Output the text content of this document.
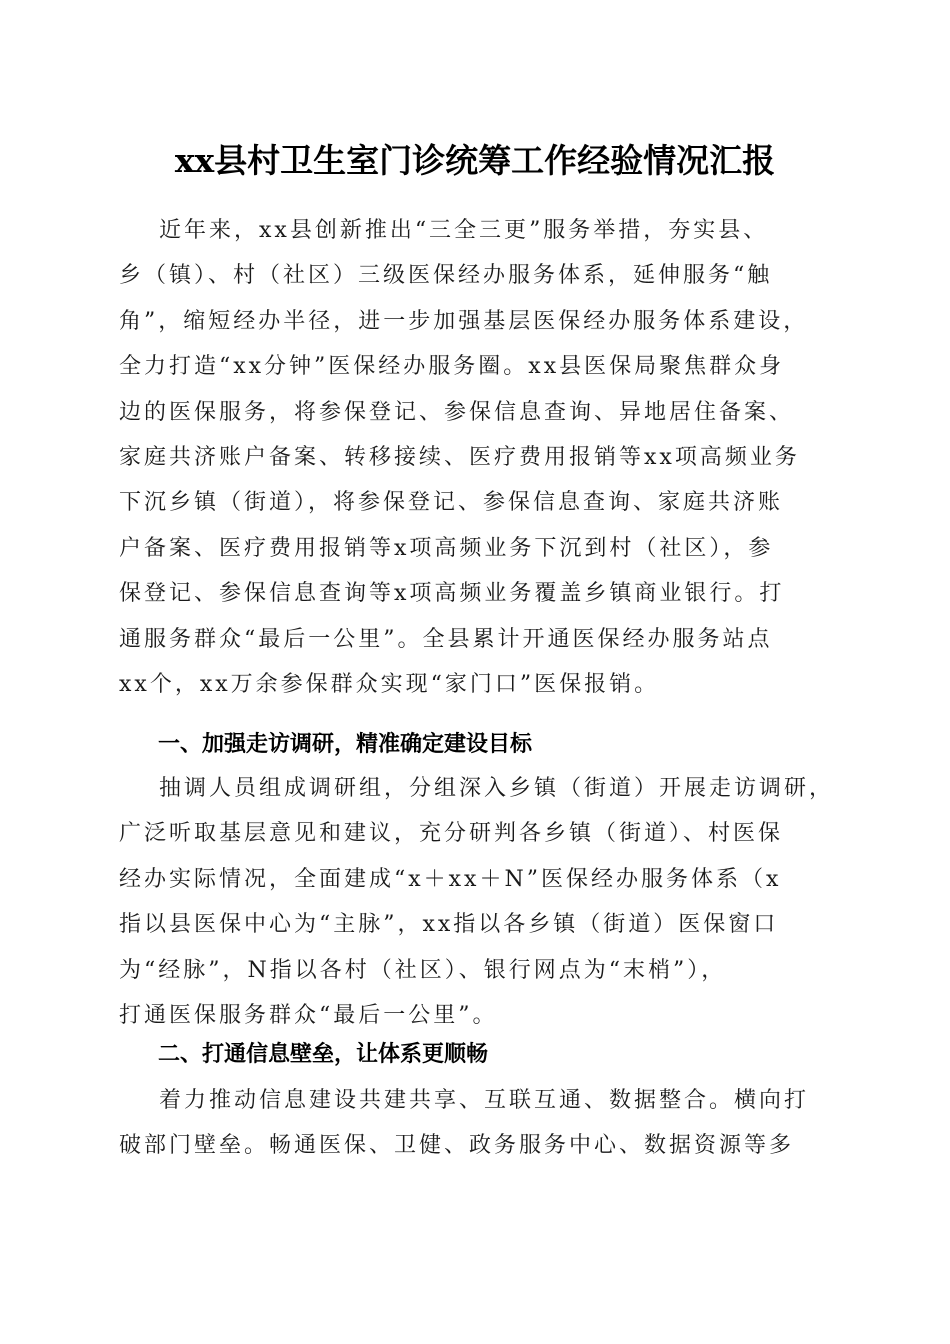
xx县村卫生室门诊统筹工作经验情况汇报
近年来，xx县创新推出“三全三更”服务举措，夯实县、
乡（镇）、村（社区）三级医保经办服务体系，延伸服务“触
角”，缩短经办半径，进一步加强基层医保经办服务体系建设，
全力打造“xx分钟”医保经办服务圈。xx县医保局聚焦群众身
边的医保服务，将参保登记、参保信息查询、异地居住备案、
家庭共济账户备案、转移接续、医疗费用报销等xx项高频业务
下沉乡镇（街道），将参保登记、参保信息查询、家庭共济账
户备案、医疗费用报销等x项高频业务下沉到村（社区），参
保登记、参保信息查询等x项高频业务覆盖乡镇商业银行。打
通服务群众“最后一公里”。全县累计开通医保经办服务站点
xx个，xx万余参保群众实现“家门口”医保报销。
一、加强走访调研，精准确定建设目标
抽调人员组成调研组，分组深入乡镇（街道）开展走访调研，
广泛听取基层意见和建议，充分研判各乡镇（街道）、村医保
经办实际情况，全面建成“x＋xx＋N”医保经办服务体系（x
指以县医保中心为“主脉”，xx指以各乡镇（街道）医保窗口
为“经脉”，N指以各村（社区）、银行网点为“末梢”），
打通医保服务群众“最后一公里”。
二、打通信息壁垒，让体系更顺畅
着力推动信息建设共建共享、互联互通、数据整合。横向打
破部门壁垒。畅通医保、卫健、政务服务中心、数据资源等多
